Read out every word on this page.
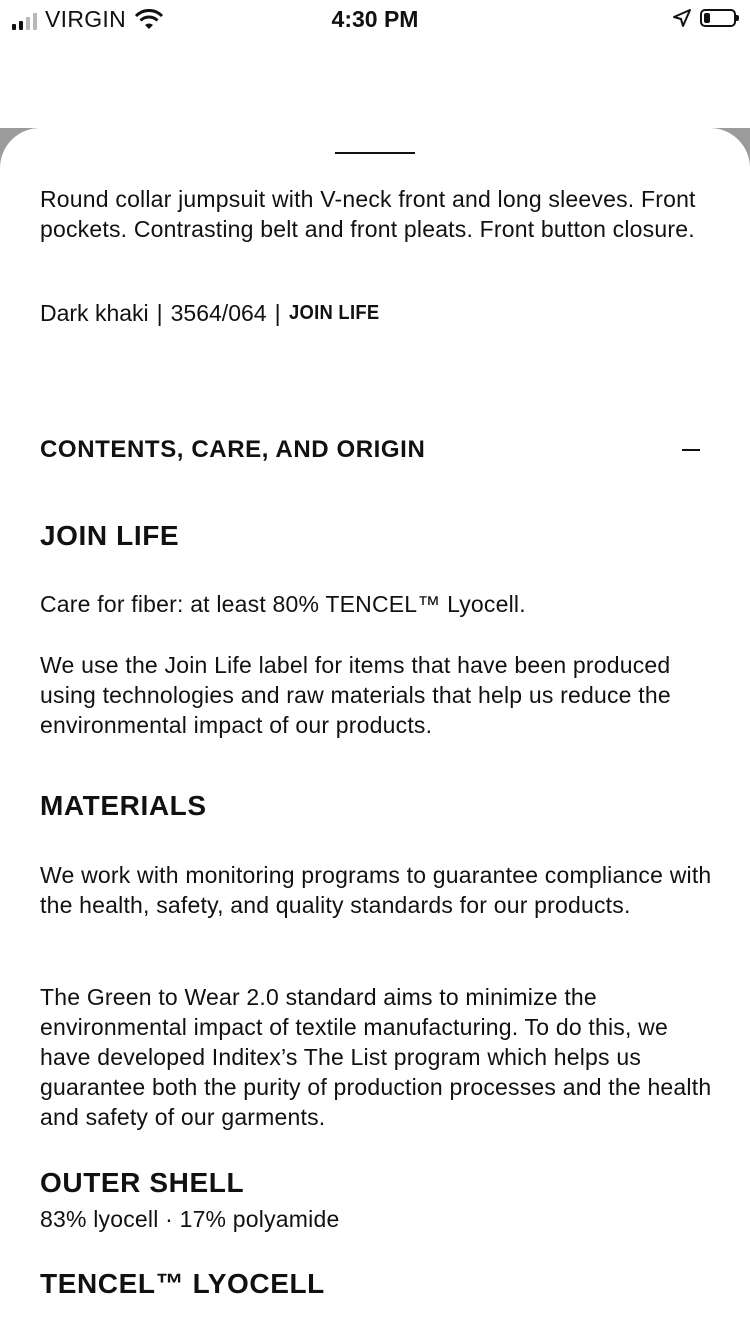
VIRGIN	4:30 PM

Round collar jumpsuit with V-neck front and long sleeves. Front pockets. Contrasting belt and front pleats. Front button closure.

Dark khaki | 3564/064 | JOIN LIFE
CONTENTS, CARE, AND ORIGIN
JOIN LIFE

Care for fiber: at least 80% TENCEL™ Lyocell.

We use the Join Life label for items that have been produced using technologies and raw materials that help us reduce the environmental impact of our products.

MATERIALS

We work with monitoring programs to guarantee compliance with the health, safety, and quality standards for our products.

The Green to Wear 2.0 standard aims to minimize the environmental impact of textile manufacturing. To do this, we have developed Inditex’s The List program which helps us guarantee both the purity of production processes and the health and safety of our garments.

OUTER SHELL

83% lyocell · 17% polyamide

TENCEL™ LYOCELL
